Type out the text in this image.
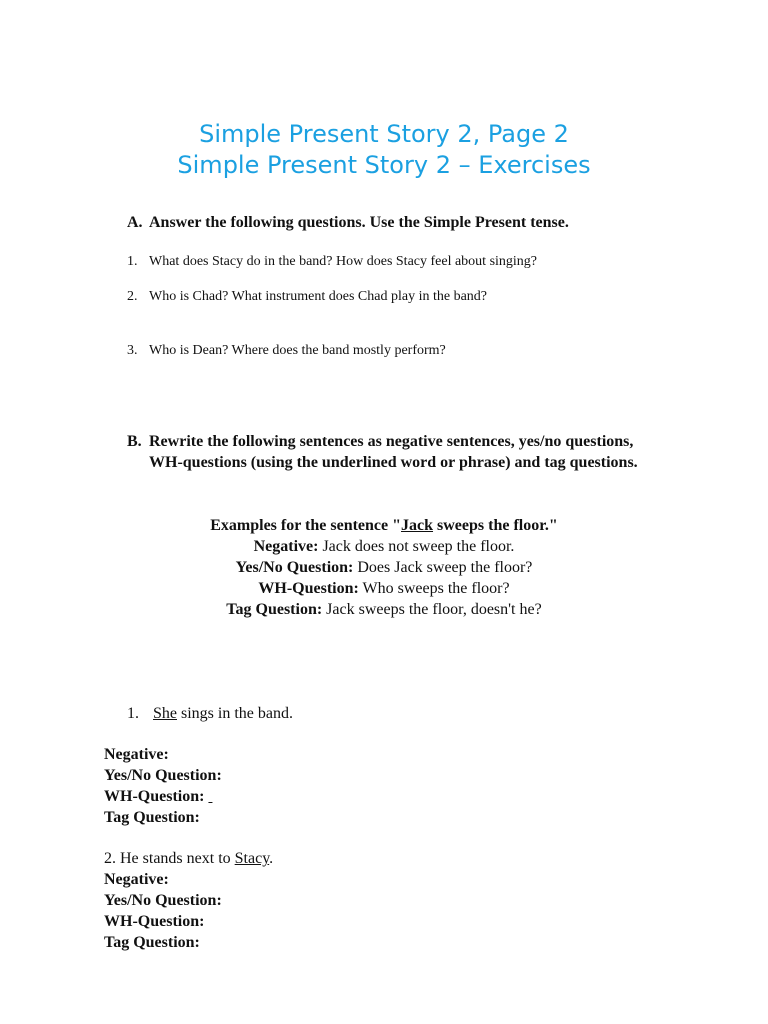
Simple Present Story 2, Page 2
Simple Present Story 2 – Exercises
A. Answer the following questions. Use the Simple Present tense.
1. What does Stacy do in the band? How does Stacy feel about singing?
2. Who is Chad? What instrument does Chad play in the band?
3. Who is Dean? Where does the band mostly perform?
B. Rewrite the following sentences as negative sentences, yes/no questions, WH-questions (using the underlined word or phrase) and tag questions.
Examples for the sentence "Jack sweeps the floor."
Negative: Jack does not sweep the floor.
Yes/No Question: Does Jack sweep the floor?
WH-Question: Who sweeps the floor?
Tag Question: Jack sweeps the floor, doesn't he?
1. She sings in the band.
Negative:
Yes/No Question:
WH-Question:
Tag Question:
2. He stands next to Stacy.
Negative:
Yes/No Question:
WH-Question:
Tag Question:
